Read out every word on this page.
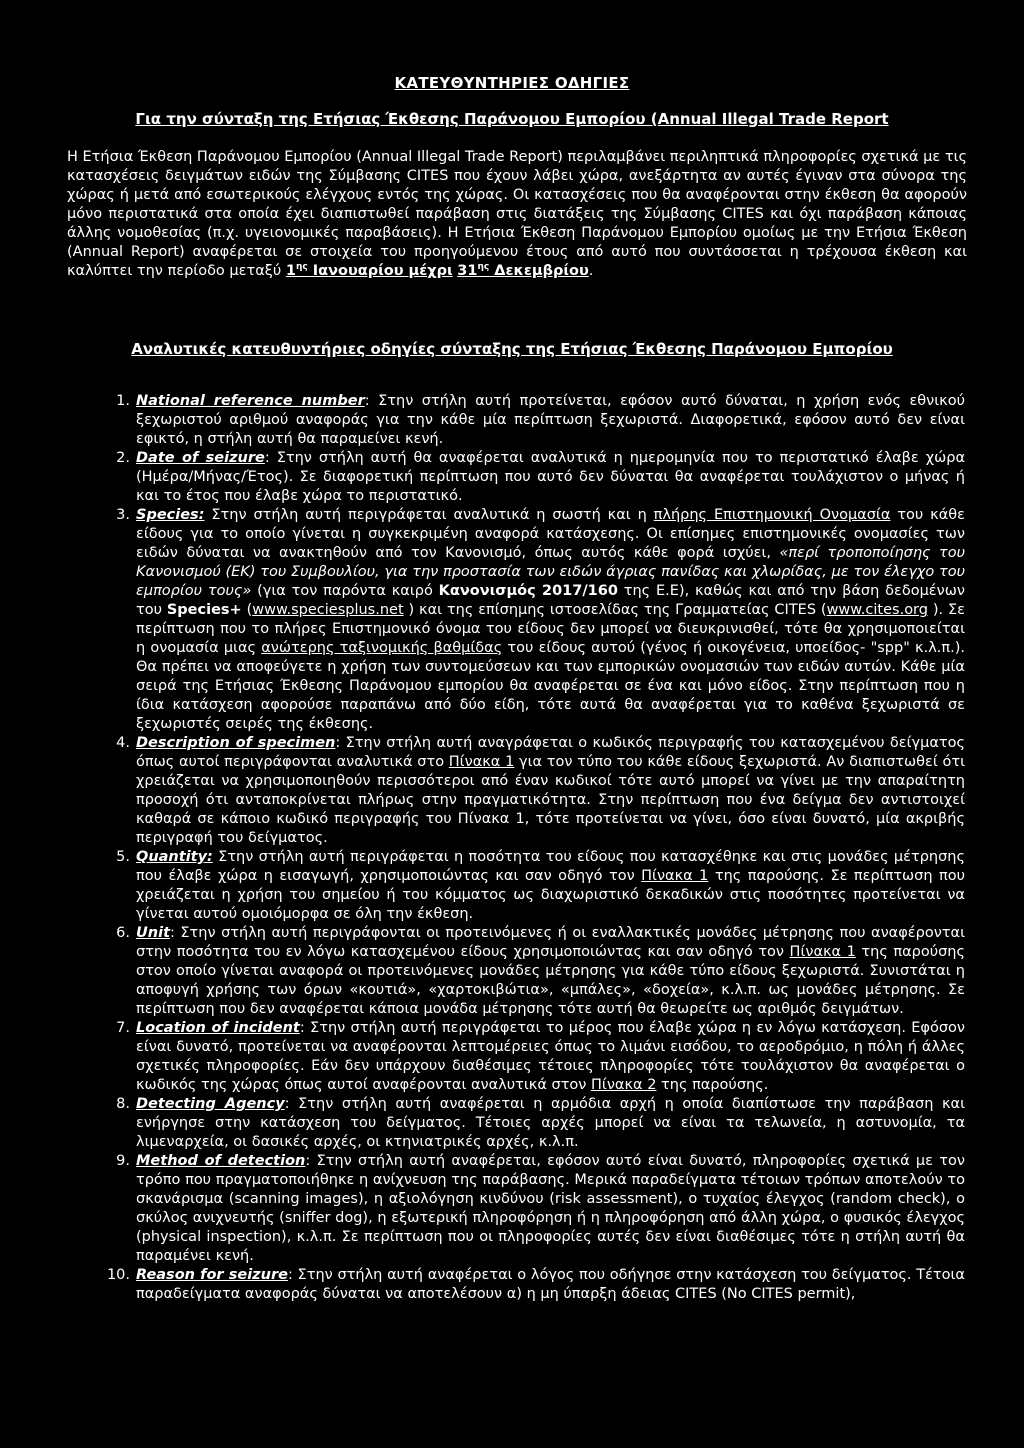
ΚΑΤΕΥΘΥΝΤΗΡΙΕΣ ΟΔΗΓΙΕΣ
Για την σύνταξη της Ετήσιας Έκθεσης Παράνομου Εμπορίου (Annual Illegal Trade Report

Η Ετήσια Έκθεση Παράνομου Εμπορίου (Annual Illegal Trade Report) περιλαμβάνει περιληπτικά πληροφορίες σχετικά με τις κατασχέσεις δειγμάτων ειδών της Σύμβασης CITES που έχουν λάβει χώρα, ανεξάρτητα αν αυτές έγιναν στα σύνορα της χώρας ή μετά από εσωτερικούς ελέγχους εντός της χώρας. Οι κατασχέσεις που θα αναφέρονται στην έκθεση θα αφορούν μόνο περιστατικά στα οποία έχει διαπιστωθεί παράβαση στις διατάξεις της Σύμβασης CITES και όχι παράβαση κάποιας άλλης νομοθεσίας (π.χ. υγειονομικές παραβάσεις). Η Ετήσια Έκθεση Παράνομου Εμπορίου ομοίως με την Ετήσια Έκθεση (Annual Report) αναφέρεται σε στοιχεία του προηγούμενου έτους από αυτό που συντάσσεται η τρέχουσα έκθεση και καλύπτει την περίοδο μεταξύ $1^{\eta\varsigma}$ Ιανουαρίου μέχρι $31^{\eta\varsigma}$ Δεκεμβρίου.

Αναλυτικές κατευθυντήριες οδηγίες σύνταξης της Ετήσιας Έκθεσης Παράνομου Εμπορίου
1. National reference number: Στην στήλη αυτή προτείνεται, εφόσον αυτό δύναται, η χρήση ενός εθνικού ξεχωριστού αριθμού αναφοράς για την κάθε μία περίπτωση ξεχωριστά. Διαφορετικά, εφόσον αυτό δεν είναι εφικτό, η στήλη αυτή θα παραμείνει κενή.
2. Date of seizure: Στην στήλη αυτή θα αναφέρεται αναλυτικά η ημερομηνία που το περιστατικό έλαβε χώρα (Ημέρα/Μήνας/Έτος). Σε διαφορετική περίπτωση που αυτό δεν δύναται θα αναφέρεται τουλάχιστον ο μήνας ή και το έτος που έλαβε χώρα το περιστατικό.
3. Species: Στην στήλη αυτή περιγράφεται αναλυτικά η σωστή και η πλήρης Επιστημονική Ονομασία του κάθε είδους για το οποίο γίνεται η συγκεκριμένη αναφορά κατάσχεσης. Οι επίσημες επιστημονικές ονομασίες των ειδών δύναται να ανακτηθούν από τον Κανονισμό, όπως αυτός κάθε φορά ισχύει, «περί τροποποίησης του Κανονισμού (ΕΚ) του Συμβουλίου, για την προστασία των ειδών άγριας πανίδας και χλωρίδας, με τον έλεγχο του εμπορίου τους» (για τον παρόντα καιρό Κανονισμός 2017/160 της Ε.Ε), καθώς και από την βάση δεδομένων του Species+ (www.speciesplus.net ) και της επίσημης ιστοσελίδας της Γραμματείας CITES (www.cites.org ). Σε περίπτωση που το πλήρες Επιστημονικό όνομα του είδους δεν μπορεί να διευκρινισθεί, τότε θα χρησιμοποιείται η ονομασία μιας ανώτερης ταξινομικής βαθμίδας του είδους αυτού (γένος ή οικογένεια, υποείδος- "spp" κ.λ.π.). Θα πρέπει να αποφεύγετε η χρήση των συντομεύσεων και των εμπορικών ονομασιών των ειδών αυτών. Κάθε μία σειρά της Ετήσιας Έκθεσης Παράνομου εμπορίου θα αναφέρεται σε ένα και μόνο είδος. Στην περίπτωση που η ίδια κατάσχεση αφορούσε παραπάνω από δύο είδη, τότε αυτά θα αναφέρεται για το καθένα ξεχωριστά σε ξεχωριστές σειρές της έκθεσης.
4. Description of specimen: Στην στήλη αυτή αναγράφεται ο κωδικός περιγραφής του κατασχεμένου δείγματος όπως αυτοί περιγράφονται αναλυτικά στο Πίνακα 1 για τον τύπο του κάθε είδους ξεχωριστά. Αν διαπιστωθεί ότι χρειάζεται να χρησιμοποιηθούν περισσότεροι από έναν κωδικοί τότε αυτό μπορεί να γίνει με την απαραίτητη προσοχή ότι ανταποκρίνεται πλήρως στην πραγματικότητα. Στην περίπτωση που ένα δείγμα δεν αντιστοιχεί καθαρά σε κάποιο κωδικό περιγραφής του Πίνακα 1, τότε προτείνεται να γίνει, όσο είναι δυνατό, μία ακριβής περιγραφή του δείγματος.
5. Quantity: Στην στήλη αυτή περιγράφεται η ποσότητα του είδους που κατασχέθηκε και στις μονάδες μέτρησης που έλαβε χώρα η εισαγωγή, χρησιμοποιώντας και σαν οδηγό τον Πίνακα 1 της παρούσης. Σε περίπτωση που χρειάζεται η χρήση του σημείου ή του κόμματος ως διαχωριστικό δεκαδικών στις ποσότητες προτείνεται να γίνεται αυτού ομοιόμορφα σε όλη την έκθεση.
6. Unit: Στην στήλη αυτή περιγράφονται οι προτεινόμενες ή οι εναλλακτικές μονάδες μέτρησης που αναφέρονται στην ποσότητα του εν λόγω κατασχεμένου είδους χρησιμοποιώντας και σαν οδηγό τον Πίνακα 1 της παρούσης στον οποίο γίνεται αναφορά οι προτεινόμενες μονάδες μέτρησης για κάθε τύπο είδους ξεχωριστά. Συνιστάται η αποφυγή χρήσης των όρων «κουτιά», «χαρτοκιβώτια», «μπάλες», «δοχεία», κ.λ.π. ως μονάδες μέτρησης. Σε περίπτωση που δεν αναφέρεται κάποια μονάδα μέτρησης τότε αυτή θα θεωρείτε ως αριθμός δειγμάτων.
7. Location of incident: Στην στήλη αυτή περιγράφεται το μέρος που έλαβε χώρα η εν λόγω κατάσχεση. Εφόσον είναι δυνατό, προτείνεται να αναφέρονται λεπτομέρειες όπως το λιμάνι εισόδου, το αεροδρόμιο, η πόλη ή άλλες σχετικές πληροφορίες. Εάν δεν υπάρχουν διαθέσιμες τέτοιες πληροφορίες τότε τουλάχιστον θα αναφέρεται ο κωδικός της χώρας όπως αυτοί αναφέρονται αναλυτικά στον Πίνακα 2 της παρούσης.
8. Detecting Agency: Στην στήλη αυτή αναφέρεται η αρμόδια αρχή η οποία διαπίστωσε την παράβαση και ενήργησε στην κατάσχεση του δείγματος. Τέτοιες αρχές μπορεί να είναι τα τελωνεία, η αστυνομία, τα λιμεναρχεία, οι δασικές αρχές, οι κτηνιατρικές αρχές, κ.λ.π.
9. Method of detection: Στην στήλη αυτή αναφέρεται, εφόσον αυτό είναι δυνατό, πληροφορίες σχετικά με τον τρόπο που πραγματοποιήθηκε η ανίχνευση της παράβασης. Μερικά παραδείγματα τέτοιων τρόπων αποτελούν το σκανάρισμα (scanning images), η αξιολόγηση κινδύνου (risk assessment), ο τυχαίος έλεγχος (random check), ο σκύλος ανιχνευτής (sniffer dog), η εξωτερική πληροφόρηση ή η πληροφόρηση από άλλη χώρα, ο φυσικός έλεγχος (physical inspection), κ.λ.π. Σε περίπτωση που οι πληροφορίες αυτές δεν είναι διαθέσιμες τότε η στήλη αυτή θα παραμένει κενή.
10. Reason for seizure: Στην στήλη αυτή αναφέρεται ο λόγος που οδήγησε στην κατάσχεση του δείγματος. Τέτοια παραδείγματα αναφοράς δύναται να αποτελέσουν α) η μη ύπαρξη άδειας CITES (No CITES permit),
